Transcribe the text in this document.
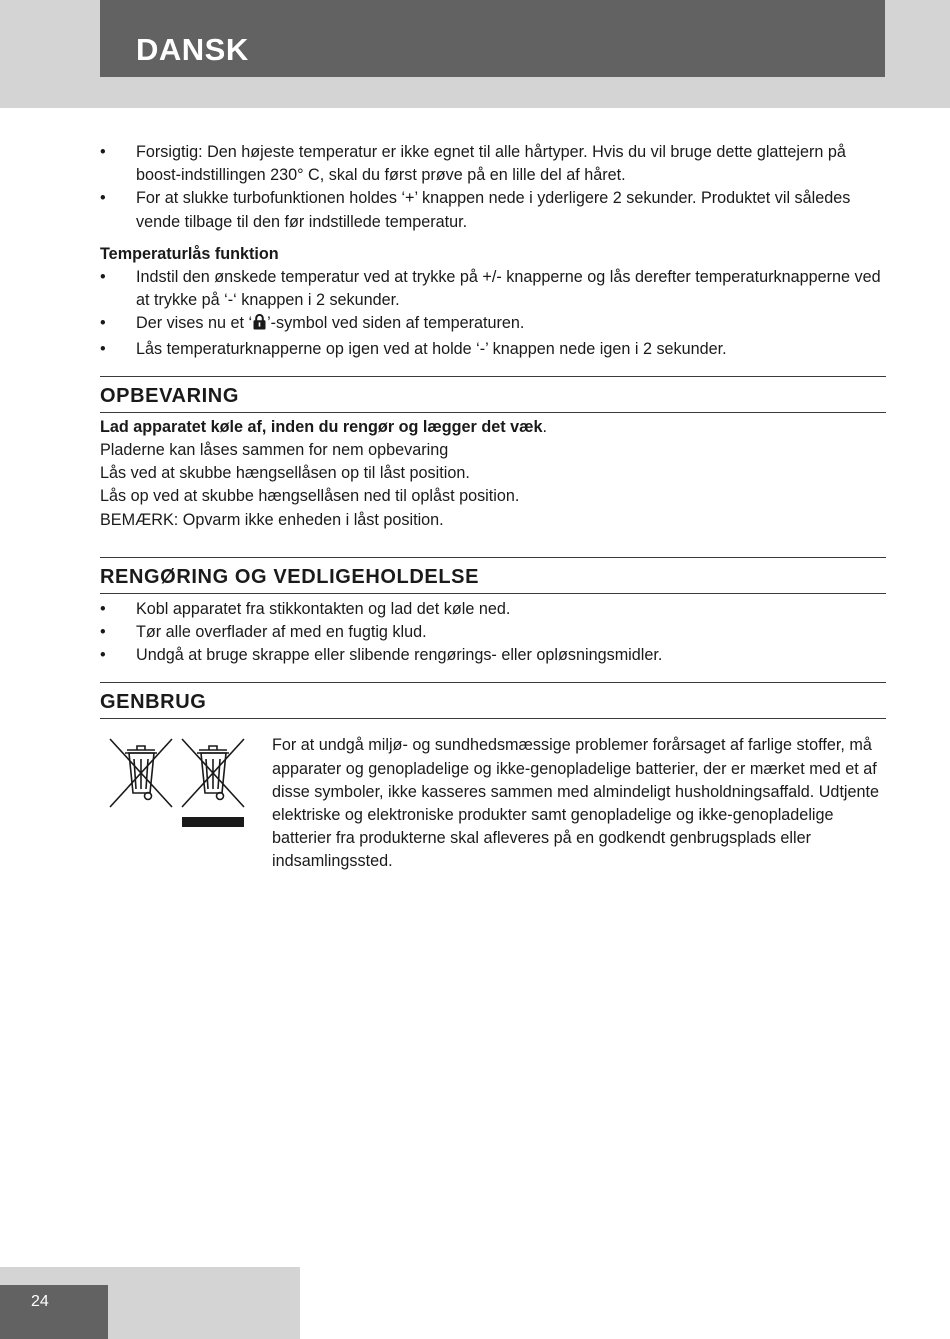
DANSK
• Forsigtig: Den højeste temperatur er ikke egnet til alle hårtyper. Hvis du vil bruge dette glattejern på boost-indstillingen 230° C, skal du først prøve på en lille del af håret.
• For at slukke turbofunktionen holdes ‘+’ knappen nede i yderligere 2 sekunder. Produktet vil således vende tilbage til den før indstillede temperatur.
Temperaturlås funktion
• Indstil den ønskede temperatur ved at trykke på +/- knapperne og lås derefter temperaturknapperne ved at trykke på ‘-‘ knappen i 2 sekunder.
• Der vises nu et ‘ ’-symbol ved siden af temperaturen.
• Lås temperaturknapperne op igen ved at holde ‘-’ knappen nede igen i 2 sekunder.
OPBEVARING
Lad apparatet køle af, inden du rengør og lægger det væk.
Pladerne kan låses sammen for nem opbevaring
Lås ved at skubbe hængsellåsen op til låst position.
Lås op ved at skubbe hængsellåsen ned til oplåst position.
BEMÆRK: Opvarm ikke enheden i låst position.
RENGØRING OG VEDLIGEHOLDELSE
• Kobl apparatet fra stikkontakten og lad det køle ned.
• Tør alle overflader af med en fugtig klud.
• Undgå at bruge skrappe eller slibende rengørings- eller opløsningsmidler.
GENBRUG
For at undgå miljø- og sundhedsmæssige problemer forårsaget af farlige stoffer, må apparater og genopladelige og ikke-genopladelige batterier, der er mærket med et af disse symboler, ikke kasseres sammen med almindeligt husholdningsaffald. Udtjente elektriske og elektroniske produkter samt genopladelige og ikke-genopladelige batterier fra produkterne skal afleveres på en godkendt genbrugsplads eller indsamlingssted.
24
